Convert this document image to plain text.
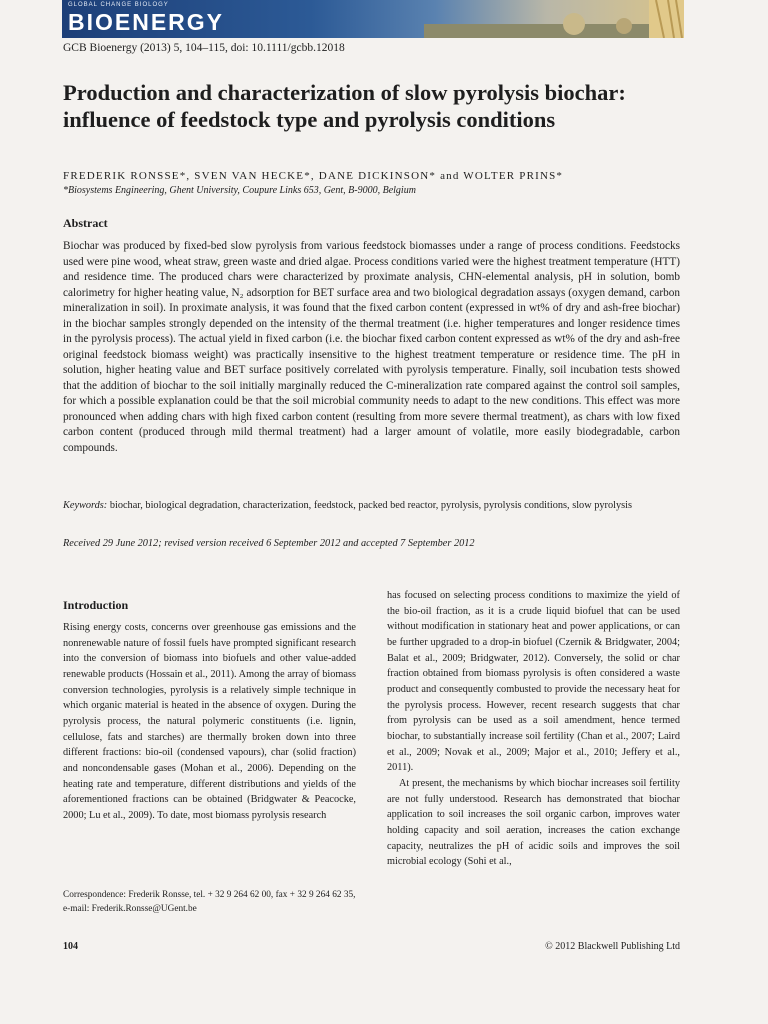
GLOBAL CHANGE BIOLOGY
BIOENERGY
GCB Bioenergy (2013) 5, 104–115, doi: 10.1111/gcbb.12018
Production and characterization of slow pyrolysis biochar: influence of feedstock type and pyrolysis conditions
FREDERIK RONSSE*, SVEN VAN HECKE*, DANE DICKINSON* and WOLTER PRINS*
*Biosystems Engineering, Ghent University, Coupure Links 653, Gent, B-9000, Belgium
Abstract

Biochar was produced by fixed-bed slow pyrolysis from various feedstock biomasses under a range of process conditions. Feedstocks used were pine wood, wheat straw, green waste and dried algae. Process conditions varied were the highest treatment temperature (HTT) and residence time. The produced chars were characterized by proximate analysis, CHN-elemental analysis, pH in solution, bomb calorimetry for higher heating value, N₂ adsorption for BET surface area and two biological degradation assays (oxygen demand, carbon mineralization in soil). In proximate analysis, it was found that the fixed carbon content (expressed in wt% of dry and ash-free biochar) in the biochar samples strongly depended on the intensity of the thermal treatment (i.e. higher temperatures and longer residence times in the pyrolysis process). The actual yield in fixed carbon (i.e. the biochar fixed carbon content expressed as wt% of the dry and ash-free original feedstock biomass weight) was practically insensitive to the highest treatment temperature or residence time. The pH in solution, higher heating value and BET surface positively correlated with pyrolysis temperature. Finally, soil incubation tests showed that the addition of biochar to the soil initially marginally reduced the C-mineralization rate compared against the control soil samples, for which a possible explanation could be that the soil microbial community needs to adapt to the new conditions. This effect was more pronounced when adding chars with high fixed carbon content (resulting from more severe thermal treatment), as chars with low fixed carbon content (produced through mild thermal treatment) had a larger amount of volatile, more easily biodegradable, carbon compounds.

Keywords: biochar, biological degradation, characterization, feedstock, packed bed reactor, pyrolysis, pyrolysis conditions, slow pyrolysis

Received 29 June 2012; revised version received 6 September 2012 and accepted 7 September 2012
Introduction

Rising energy costs, concerns over greenhouse gas emissions and the nonrenewable nature of fossil fuels have prompted significant research into the conversion of biomass into biofuels and other value-added renewable products (Hossain et al., 2011). Among the array of biomass conversion technologies, pyrolysis is a relatively simple technique in which organic material is heated in the absence of oxygen. During the pyrolysis process, the natural polymeric constituents (i.e. lignin, cellulose, fats and starches) are thermally broken down into three different fractions: bio-oil (condensed vapours), char (solid fraction) and noncondensable gases (Mohan et al., 2006). Depending on the heating rate and temperature, different distributions and yields of the aforementioned fractions can be obtained (Bridgwater & Peacocke, 2000; Lu et al., 2009). To date, most biomass pyrolysis research

has focused on selecting process conditions to maximize the yield of the bio-oil fraction, as it is a crude liquid biofuel that can be used without modification in stationary heat and power applications, or can be further upgraded to a drop-in biofuel (Czernik & Bridgwater, 2004; Balat et al., 2009; Bridgwater, 2012). Conversely, the solid or char fraction obtained from biomass pyrolysis is often considered a waste product and consequently combusted to provide the necessary heat for the pyrolysis process. However, recent research suggests that char from pyrolysis can be used as a soil amendment, hence termed biochar, to substantially increase soil fertility (Chan et al., 2007; Laird et al., 2009; Novak et al., 2009; Major et al., 2010; Jeffery et al., 2011).

At present, the mechanisms by which biochar increases soil fertility are not fully understood. Research has demonstrated that biochar application to soil increases the soil organic carbon, improves water holding capacity and soil aeration, increases the cation exchange capacity, neutralizes the pH of acidic soils and improves the soil microbial ecology (Sohi et al.,

Correspondence: Frederik Ronsse, tel. + 32 9 264 62 00, fax + 32 9 264 62 35, e-mail: Frederik.Ronsse@UGent.be

104	© 2012 Blackwell Publishing Ltd
